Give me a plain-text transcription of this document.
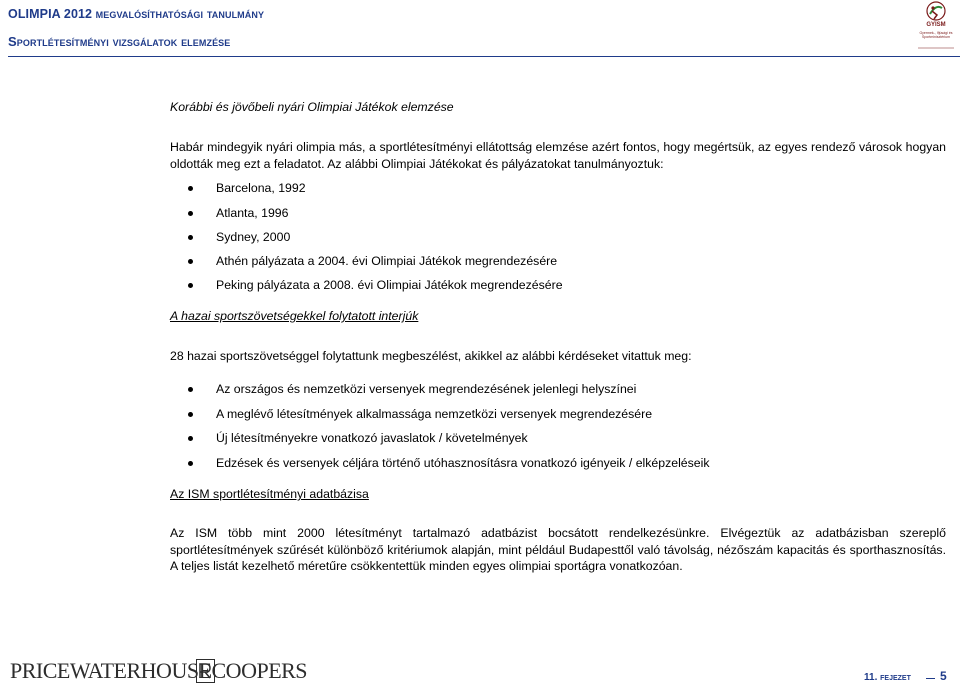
OLIMPIA 2012 megvalósíthatósági tanulmány
Sportlétesítményi vizsgálatok elemzése
GYISM
Gyermek-, Ifjúsági és Sportminisztérium
Korábbi és jövőbeli nyári Olimpiai Játékok elemzése
Habár mindegyik nyári olimpia más, a sportlétesítményi ellátottság elemzése azért fontos, hogy megértsük, az egyes rendező városok hogyan oldották meg ezt a feladatot. Az alábbi Olimpiai Játékokat és pályázatokat tanulmányoztuk:
Barcelona, 1992
Atlanta, 1996
Sydney, 2000
Athén pályázata a 2004. évi Olimpiai Játékok megrendezésére
Peking pályázata a 2008. évi Olimpiai Játékok megrendezésére
A hazai sportszövetségekkel folytatott interjúk
28 hazai sportszövetséggel folytattunk megbeszélést, akikkel az alábbi kérdéseket vitattuk meg:
Az országos és nemzetközi versenyek megrendezésének jelenlegi helyszínei
A meglévő létesítmények alkalmassága nemzetközi versenyek megrendezésére
Új létesítményekre vonatkozó javaslatok / követelmények
Edzések és versenyek céljára történő utóhasznosításra vonatkozó igényeik / elképzeléseik
Az ISM sportlétesítményi adatbázisa
Az ISM több mint 2000 létesítményt tartalmazó adatbázist bocsátott rendelkezésünkre. Elvégeztük az adatbázisban szereplő sportlétesítmények szűrését különböző kritériumok alapján, mint például Budapesttől való távolság, nézőszám kapacitás és sporthasznosítás. A teljes listát kezelhető méretűre csökkentettük minden egyes olimpiai sportágra vonatkozóan.
PRICEWATERHOUSECOOPERS	11. fejezet 5
